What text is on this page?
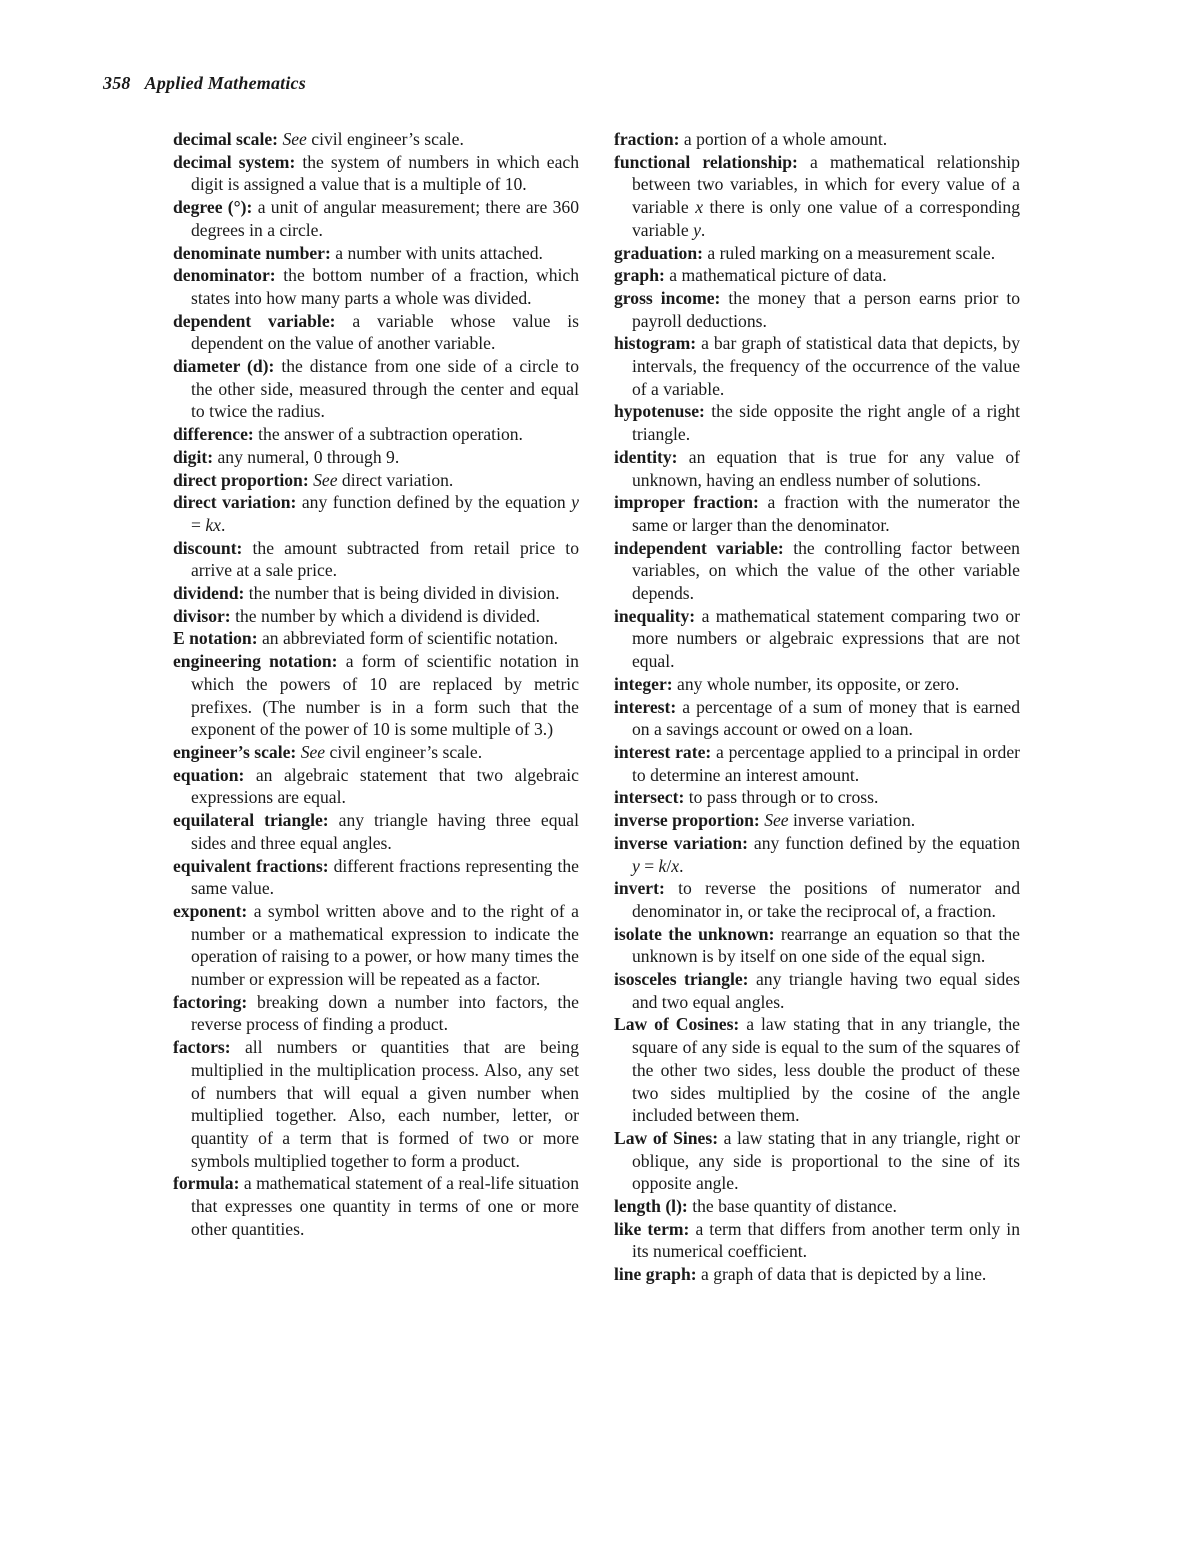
358 Applied Mathematics

decimal scale: See civil engineer’s scale.

decimal system: the system of numbers in which each digit is assigned a value that is a multiple of 10.

degree (°): a unit of angular measurement; there are 360 degrees in a circle.

denominate number: a number with units attached.

denominator: the bottom number of a fraction, which states into how many parts a whole was divided.

dependent variable: a variable whose value is dependent on the value of another variable.

diameter (d): the distance from one side of a circle to the other side, measured through the center and equal to twice the radius.

difference: the answer of a subtraction operation.

digit: any numeral, 0 through 9.

direct proportion: See direct variation.

direct variation: any function defined by the equation y = kx.

discount: the amount subtracted from retail price to arrive at a sale price.

dividend: the number that is being divided in division.

divisor: the number by which a dividend is divided.

E notation: an abbreviated form of scientific notation.

engineering notation: a form of scientific notation in which the powers of 10 are replaced by metric prefixes. (The number is in a form such that the exponent of the power of 10 is some multiple of 3.)

engineer’s scale: See civil engineer’s scale.

equation: an algebraic statement that two algebraic expressions are equal.

equilateral triangle: any triangle having three equal sides and three equal angles.

equivalent fractions: different fractions representing the same value.

exponent: a symbol written above and to the right of a number or a mathematical expression to indicate the operation of raising to a power, or how many times the number or expression will be repeated as a factor.

factoring: breaking down a number into factors, the reverse process of finding a product.

factors: all numbers or quantities that are being multiplied in the multiplication process. Also, any set of numbers that will equal a given number when multiplied together. Also, each number, letter, or quantity of a term that is formed of two or more symbols multiplied together to form a product.

formula: a mathematical statement of a real-life situation that expresses one quantity in terms of one or more other quantities.

fraction: a portion of a whole amount.

functional relationship: a mathematical relationship between two variables, in which for every value of a variable x there is only one value of a corresponding variable y.

graduation: a ruled marking on a measurement scale.

graph: a mathematical picture of data.

gross income: the money that a person earns prior to payroll deductions.

histogram: a bar graph of statistical data that depicts, by intervals, the frequency of the occurrence of the value of a variable.

hypotenuse: the side opposite the right angle of a right triangle.

identity: an equation that is true for any value of unknown, having an endless number of solutions.

improper fraction: a fraction with the numerator the same or larger than the denominator.

independent variable: the controlling factor between variables, on which the value of the other variable depends.

inequality: a mathematical statement comparing two or more numbers or algebraic expressions that are not equal.

integer: any whole number, its opposite, or zero.

interest: a percentage of a sum of money that is earned on a savings account or owed on a loan.

interest rate: a percentage applied to a principal in order to determine an interest amount.

intersect: to pass through or to cross.

inverse proportion: See inverse variation.

inverse variation: any function defined by the equation y = k/x.

invert: to reverse the positions of numerator and denominator in, or take the reciprocal of, a fraction.

isolate the unknown: rearrange an equation so that the unknown is by itself on one side of the equal sign.

isosceles triangle: any triangle having two equal sides and two equal angles.

Law of Cosines: a law stating that in any triangle, the square of any side is equal to the sum of the squares of the other two sides, less double the product of these two sides multiplied by the cosine of the angle included between them.

Law of Sines: a law stating that in any triangle, right or oblique, any side is proportional to the sine of its opposite angle.

length (l): the base quantity of distance.

like term: a term that differs from another term only in its numerical coefficient.

line graph: a graph of data that is depicted by a line.
